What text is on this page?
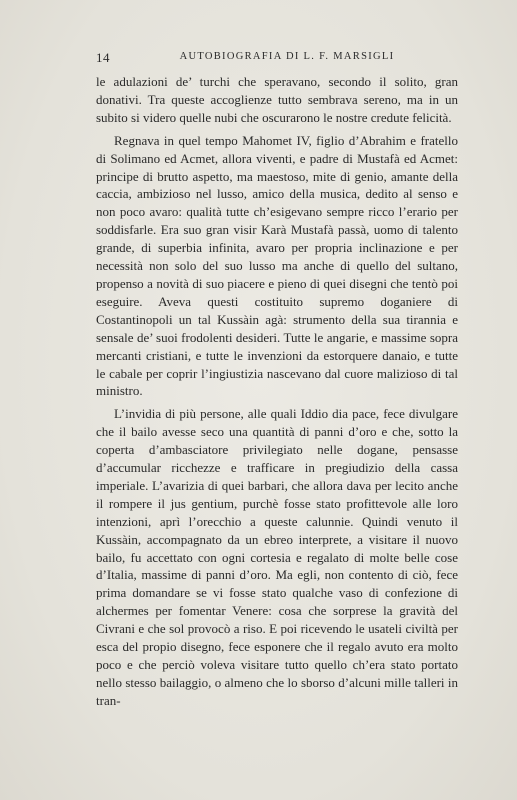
14	AUTOBIOGRAFIA DI L. F. MARSIGLI

le adulazioni de’ turchi che speravano, secondo il solito, gran donativi. Tra queste accoglienze tutto sembrava sereno, ma in un subito si videro quelle nubi che oscurarono le nostre credute felicità.

Regnava in quel tempo Mahomet IV, figlio d’Abrahim e fratello di Solimano ed Acmet, allora viventi, e padre di Mustafà ed Acmet: principe di brutto aspetto, ma maestoso, mite di genio, amante della caccia, ambizioso nel lusso, amico della musica, dedito al senso e non poco avaro: qualità tutte ch’esigevano sempre ricco l’erario per soddisfarle. Era suo gran visir Karà Mustafà passà, uomo di talento grande, di superbia infinita, avaro per propria inclinazione e per necessità non solo del suo lusso ma anche di quello del sultano, propenso a novità di suo piacere e pieno di quei disegni che tentò poi eseguire. Aveva questi costituito supremo doganiere di Costantinopoli un tal Kussàin agà: strumento della sua tirannia e sensale de’ suoi frodolenti desideri. Tutte le angarie, e massime sopra mercanti cristiani, e tutte le invenzioni da estorquere danaio, e tutte le cabale per coprir l’ingiustizia nascevano dal cuore malizioso di tal ministro.

L’invidia di più persone, alle quali Iddio dia pace, fece divulgare che il bailo avesse seco una quantità di panni d’oro e che, sotto la coperta d’ambasciatore privilegiato nelle dogane, pensasse d’accumular ricchezze e trafficare in pregiudizio della cassa imperiale. L’avarizia di quei barbari, che allora dava per lecito anche il rompere il jus gentium, purchè fosse stato profittevole alle loro intenzioni, aprì l’orecchio a queste calunnie. Quindi venuto il Kussàin, accompagnato da un ebreo interprete, a visitare il nuovo bailo, fu accettato con ogni cortesia e regalato di molte belle cose d’Italia, massime di panni d’oro. Ma egli, non contento di ciò, fece prima domandare se vi fosse stato qualche vaso di confezione di alchermes per fomentar Venere: cosa che sorprese la gravità del Civrani e che sol provocò a riso. E poi ricevendo le usateli civiltà per esca del propio disegno, fece esponere che il regalo avuto era molto poco e che perciò voleva visitare tutto quello ch’era stato portato nello stesso bailaggio, o almeno che lo sborso d’alcuni mille talleri in tran-
